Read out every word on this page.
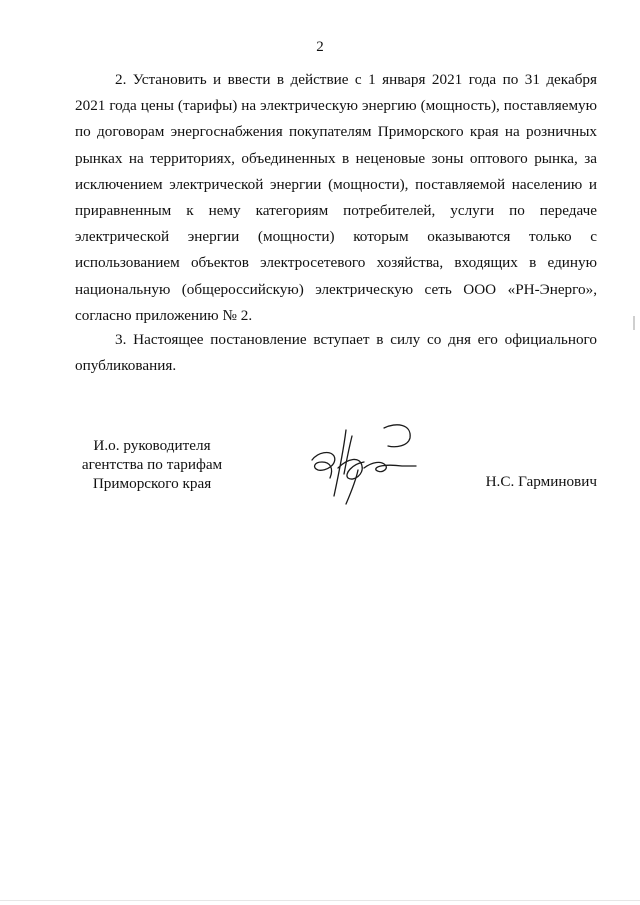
2

2. Установить и ввести в действие с 1 января 2021 года по 31 декабря 2021 года цены (тарифы) на электрическую энергию (мощность), поставляемую по договорам энергоснабжения покупателям Приморского края на розничных рынках на территориях, объединенных в неценовые зоны оптового рынка, за исключением электрической энергии (мощности), поставляемой населению и приравненным к нему категориям потребителей, услуги по передаче электрической энергии (мощности) которым оказываются только с использованием объектов электросетевого хозяйства, входящих в единую национальную (общероссийскую) электрическую сеть ООО «РН-Энерго», согласно приложению № 2.

3. Настоящее постановление вступает в силу со дня его официального опубликования.

И.о. руководителя
агентства по тарифам
Приморского края	Н.С. Гарминович
